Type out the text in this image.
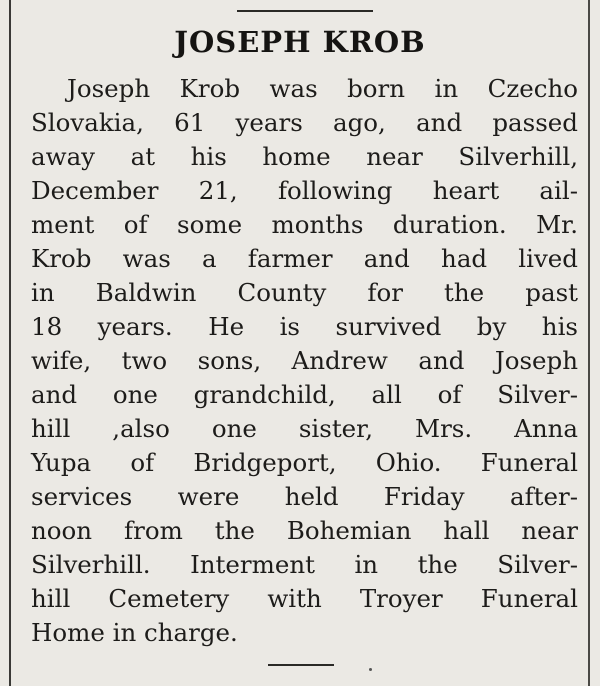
JOSEPH KROB
Joseph Krob was born in Czecho
Slovakia, 61 years ago, and passed
away at his home near Silverhill,
December 21, following heart ail-
ment of some months duration. Mr.
Krob was a farmer and had lived
in Baldwin County for the past
18 years. He is survived by his
wife, two sons, Andrew and Joseph
and one grandchild, all of Silver-
hill ,also one sister, Mrs. Anna
Yupa of Bridgeport, Ohio. Funeral
services were held Friday after-
noon from the Bohemian hall near
Silverhill. Interment in the Silver-
hill Cemetery with Troyer Funeral
Home in charge.
